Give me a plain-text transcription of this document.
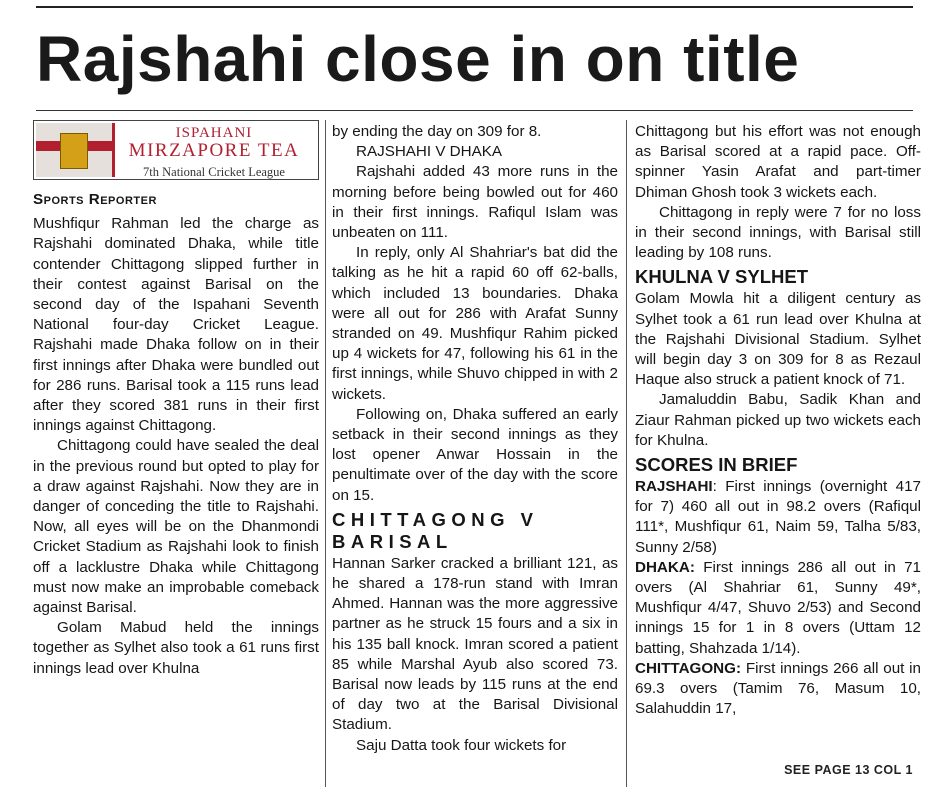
Rajshahi close in on title
ISPAHANI
MIRZAPORE TEA
7th National Cricket League
Sports Reporter

Mushfiqur Rahman led the charge as Rajshahi dominated Dhaka, while title contender Chittagong slipped further in their contest against Barisal on the second day of the Ispahani Seventh National four-day Cricket League. Rajshahi made Dhaka follow on in their first innings after Dhaka were bundled out for 286 runs. Barisal took a 115 runs lead after they scored 381 runs in their first innings against Chittagong.

Chittagong could have sealed the deal in the previous round but opted to play for a draw against Rajshahi. Now they are in danger of conceding the title to Rajshahi. Now, all eyes will be on the Dhanmondi Cricket Stadium as Rajshahi look to finish off a lacklustre Dhaka while Chittagong must now make an improbable comeback against Barisal.

Golam Mabud held the innings together as Sylhet also took a 61 runs first innings lead over Khulna

by ending the day on 309 for 8.

RAJSHAHI V DHAKA

Rajshahi added 43 more runs in the morning before being bowled out for 460 in their first innings. Rafiqul Islam was unbeaten on 111.

In reply, only Al Shahriar's bat did the talking as he hit a rapid 60 off 62-balls, which included 13 boundaries. Dhaka were all out for 286 with Arafat Sunny stranded on 49. Mushfiqur Rahim picked up 4 wickets for 47, following his 61 in the first innings, while Shuvo chipped in with 2 wickets.

Following on, Dhaka suffered an early setback in their second innings as they lost opener Anwar Hossain in the penultimate over of the day with the score on 15.

CHITTAGONG V BARISAL

Hannan Sarker cracked a brilliant 121, as he shared a 178-run stand with Imran Ahmed. Hannan was the more aggressive partner as he struck 15 fours and a six in his 135 ball knock. Imran scored a patient 85 while Marshal Ayub also scored 73. Barisal now leads by 115 runs at the end of day two at the Barisal Divisional Stadium.

Saju Datta took four wickets for

Chittagong but his effort was not enough as Barisal scored at a rapid pace. Off-spinner Yasin Arafat and part-timer Dhiman Ghosh took 3 wickets each.

Chittagong in reply were 7 for no loss in their second innings, with Barisal still leading by 108 runs.

KHULNA V SYLHET

Golam Mowla hit a diligent century as Sylhet took a 61 run lead over Khulna at the Rajshahi Divisional Stadium. Sylhet will begin day 3 on 309 for 8 as Rezaul Haque also struck a patient knock of 71.

Jamaluddin Babu, Sadik Khan and Ziaur Rahman picked up two wickets each for Khulna.

SCORES IN BRIEF

RAJSHAHI: First innings (overnight 417 for 7) 460 all out in 98.2 overs (Rafiqul 111*, Mushfiqur 61, Naim 59, Talha 5/83, Sunny 2/58)

DHAKA: First innings 286 all out in 71 overs (Al Shahriar 61, Sunny 49*, Mushfiqur 4/47, Shuvo 2/53) and Second innings 15 for 1 in 8 overs (Uttam 12 batting, Shahzada 1/14).

CHITTAGONG: First innings 266 all out in 69.3 overs (Tamim 76, Masum 10, Salahuddin 17,

SEE PAGE 13 COL 1
